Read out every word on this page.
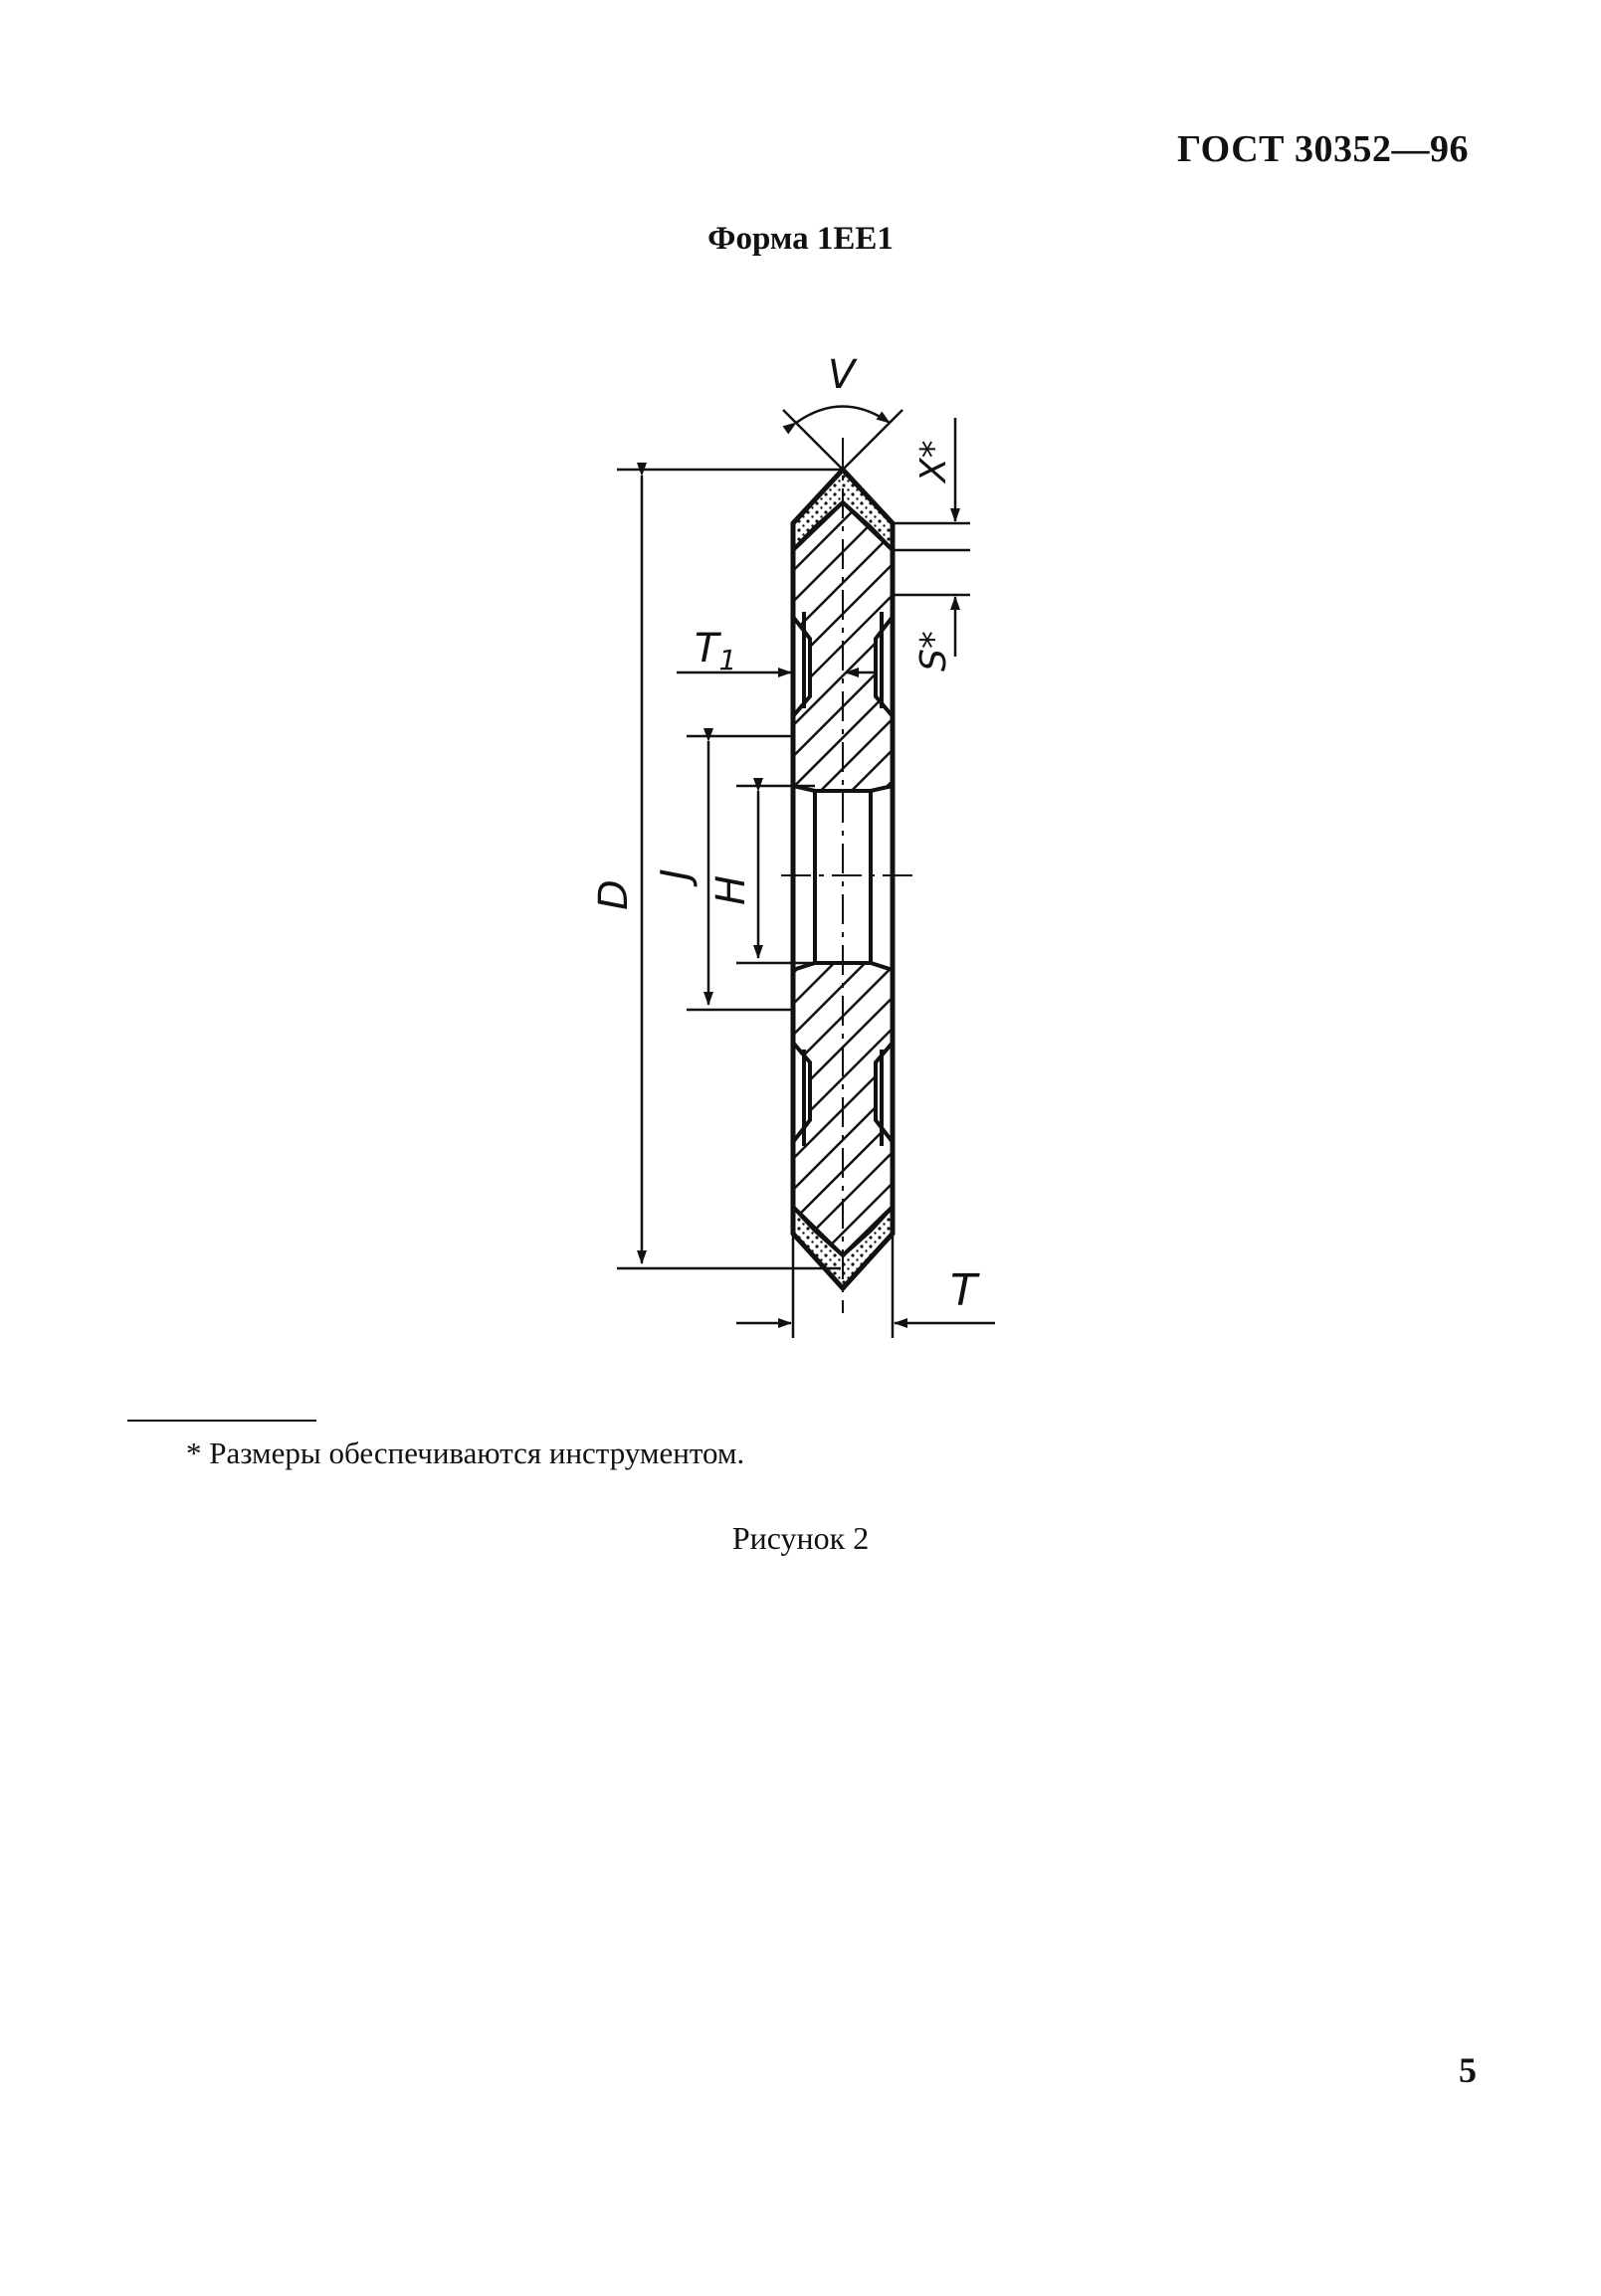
ГОСТ 30352—96
Форма 1EE1
V
X*
S*
$T_1$
J
H
D
T
* Размеры обеспечиваются инструментом.
Рисунок 2
5
